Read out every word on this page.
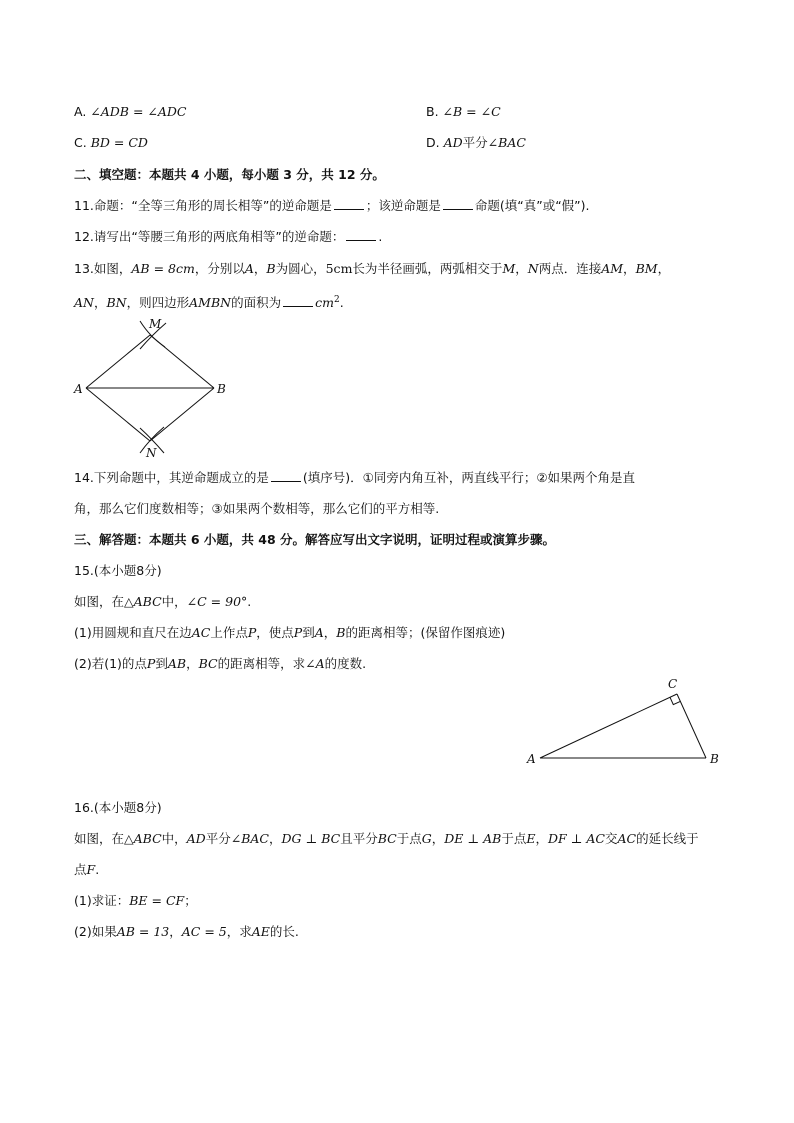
A. ∠ADB = ∠ADC	B. ∠B = ∠C
C. BD = CD	D. AD平分∠BAC
二、填空题：本题共 4 小题，每小题 3 分，共 12 分。
11.命题：“全等三角形的周长相等”的逆命题是	；该逆命题是	命题(填“真”或“假”).
12.请写出“等腰三角形的两底角相等”的逆命题：	.
13.如图，AB = 8cm，分别以A，B为圆心，5cm长为半径画弧，两弧相交于M，N两点．连接AM，BM，
AN，BN，则四边形AMBN的面积为	$cm^2$.
M
A	B
N
14.下列命题中，其逆命题成立的是	(填序号)．①同旁内角互补，两直线平行；②如果两个角是直
角，那么它们度数相等；③如果两个数相等，那么它们的平方相等.
三、解答题：本题共 6 小题，共 48 分。解答应写出文字说明，证明过程或演算步骤。
15.(本小题8分)
如图，在△ABC中，∠C = 90°.
(1)用圆规和直尺在边AC上作点P，使点P到A，B的距离相等；(保留作图痕迹)
(2)若(1)的点P到AB，BC的距离相等，求∠A的度数.
C
A	B
16.(本小题8分)
如图，在△ABC中，AD平分∠BAC，DG ⊥ BC且平分BC于点G，DE ⊥ AB于点E，DF ⊥ AC交AC的延长线于
点F.
(1)求证：BE = CF；
(2)如果AB = 13，AC = 5，求AE的长.
